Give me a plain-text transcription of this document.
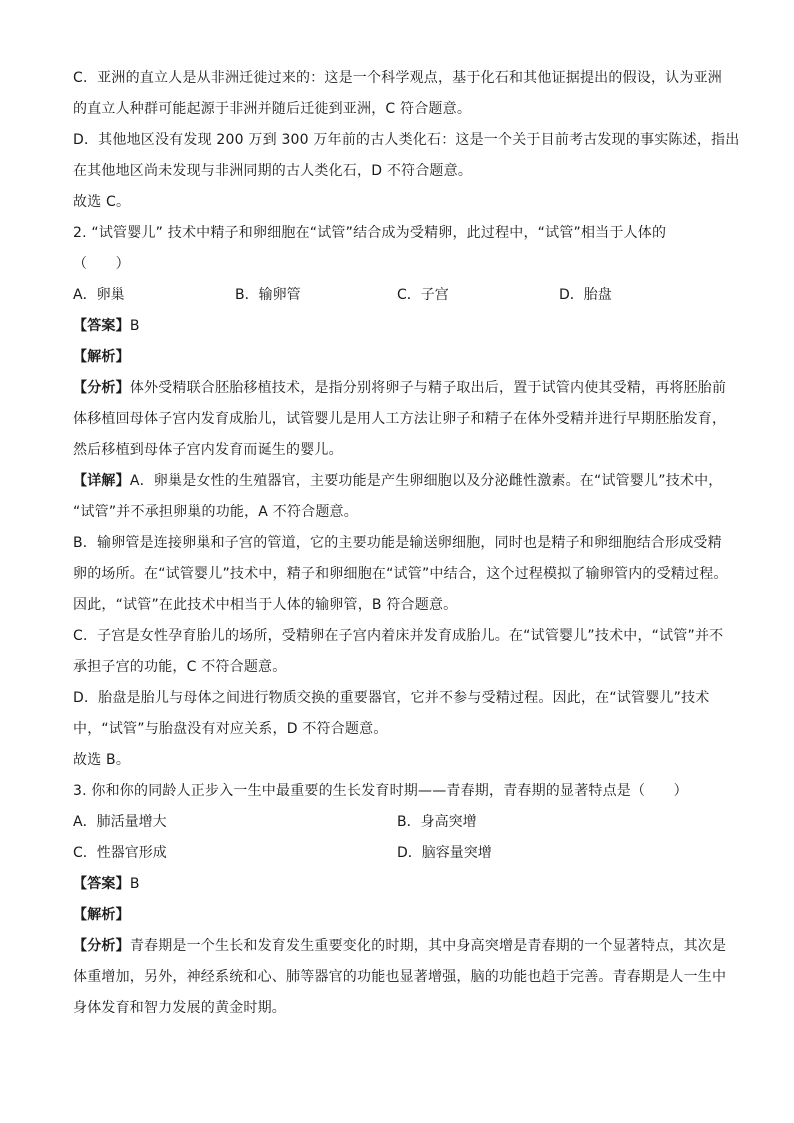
C．亚洲的直立人是从非洲迁徙过来的：这是一个科学观点，基于化石和其他证据提出的假设，认为亚洲
的直立人种群可能起源于非洲并随后迁徙到亚洲，C 符合题意。
D．其他地区没有发现 200 万到 300 万年前的古人类化石：这是一个关于目前考古发现的事实陈述，指出
在其他地区尚未发现与非洲同期的古人类化石，D 不符合题意。
故选 C。
2. “试管婴儿” 技术中精子和卵细胞在“试管”结合成为受精卵，此过程中，“试管”相当于人体的
（　　）
A．卵巢	B．输卵管	C．子宫	D．胎盘
【答案】B
【解析】
【分析】体外受精联合胚胎移植技术，是指分别将卵子与精子取出后，置于试管内使其受精，再将胚胎前
体移植回母体子宫内发育成胎儿，试管婴儿是用人工方法让卵子和精子在体外受精并进行早期胚胎发育，
然后移植到母体子宫内发育而诞生的婴儿。
【详解】A．卵巢是女性的生殖器官，主要功能是产生卵细胞以及分泌雌性激素。在“试管婴儿”技术中，
“试管”并不承担卵巢的功能，A 不符合题意。
B．输卵管是连接卵巢和子宫的管道，它的主要功能是输送卵细胞，同时也是精子和卵细胞结合形成受精
卵的场所。在“试管婴儿”技术中，精子和卵细胞在“试管”中结合，这个过程模拟了输卵管内的受精过程。
因此，“试管”在此技术中相当于人体的输卵管，B 符合题意。
C．子宫是女性孕育胎儿的场所，受精卵在子宫内着床并发育成胎儿。在“试管婴儿”技术中，“试管”并不
承担子宫的功能，C 不符合题意。
D．胎盘是胎儿与母体之间进行物质交换的重要器官，它并不参与受精过程。因此，在“试管婴儿”技术
中，“试管”与胎盘没有对应关系，D 不符合题意。
故选 B。
3. 你和你的同龄人正步入一生中最重要的生长发育时期——青春期，青春期的显著特点是（　　）
A．肺活量增大	B．身高突增
C．性器官形成	D．脑容量突增
【答案】B
【解析】
【分析】青春期是一个生长和发育发生重要变化的时期，其中身高突增是青春期的一个显著特点，其次是
体重增加，另外，神经系统和心、肺等器官的功能也显著增强，脑的功能也趋于完善。青春期是人一生中
身体发育和智力发展的黄金时期。
